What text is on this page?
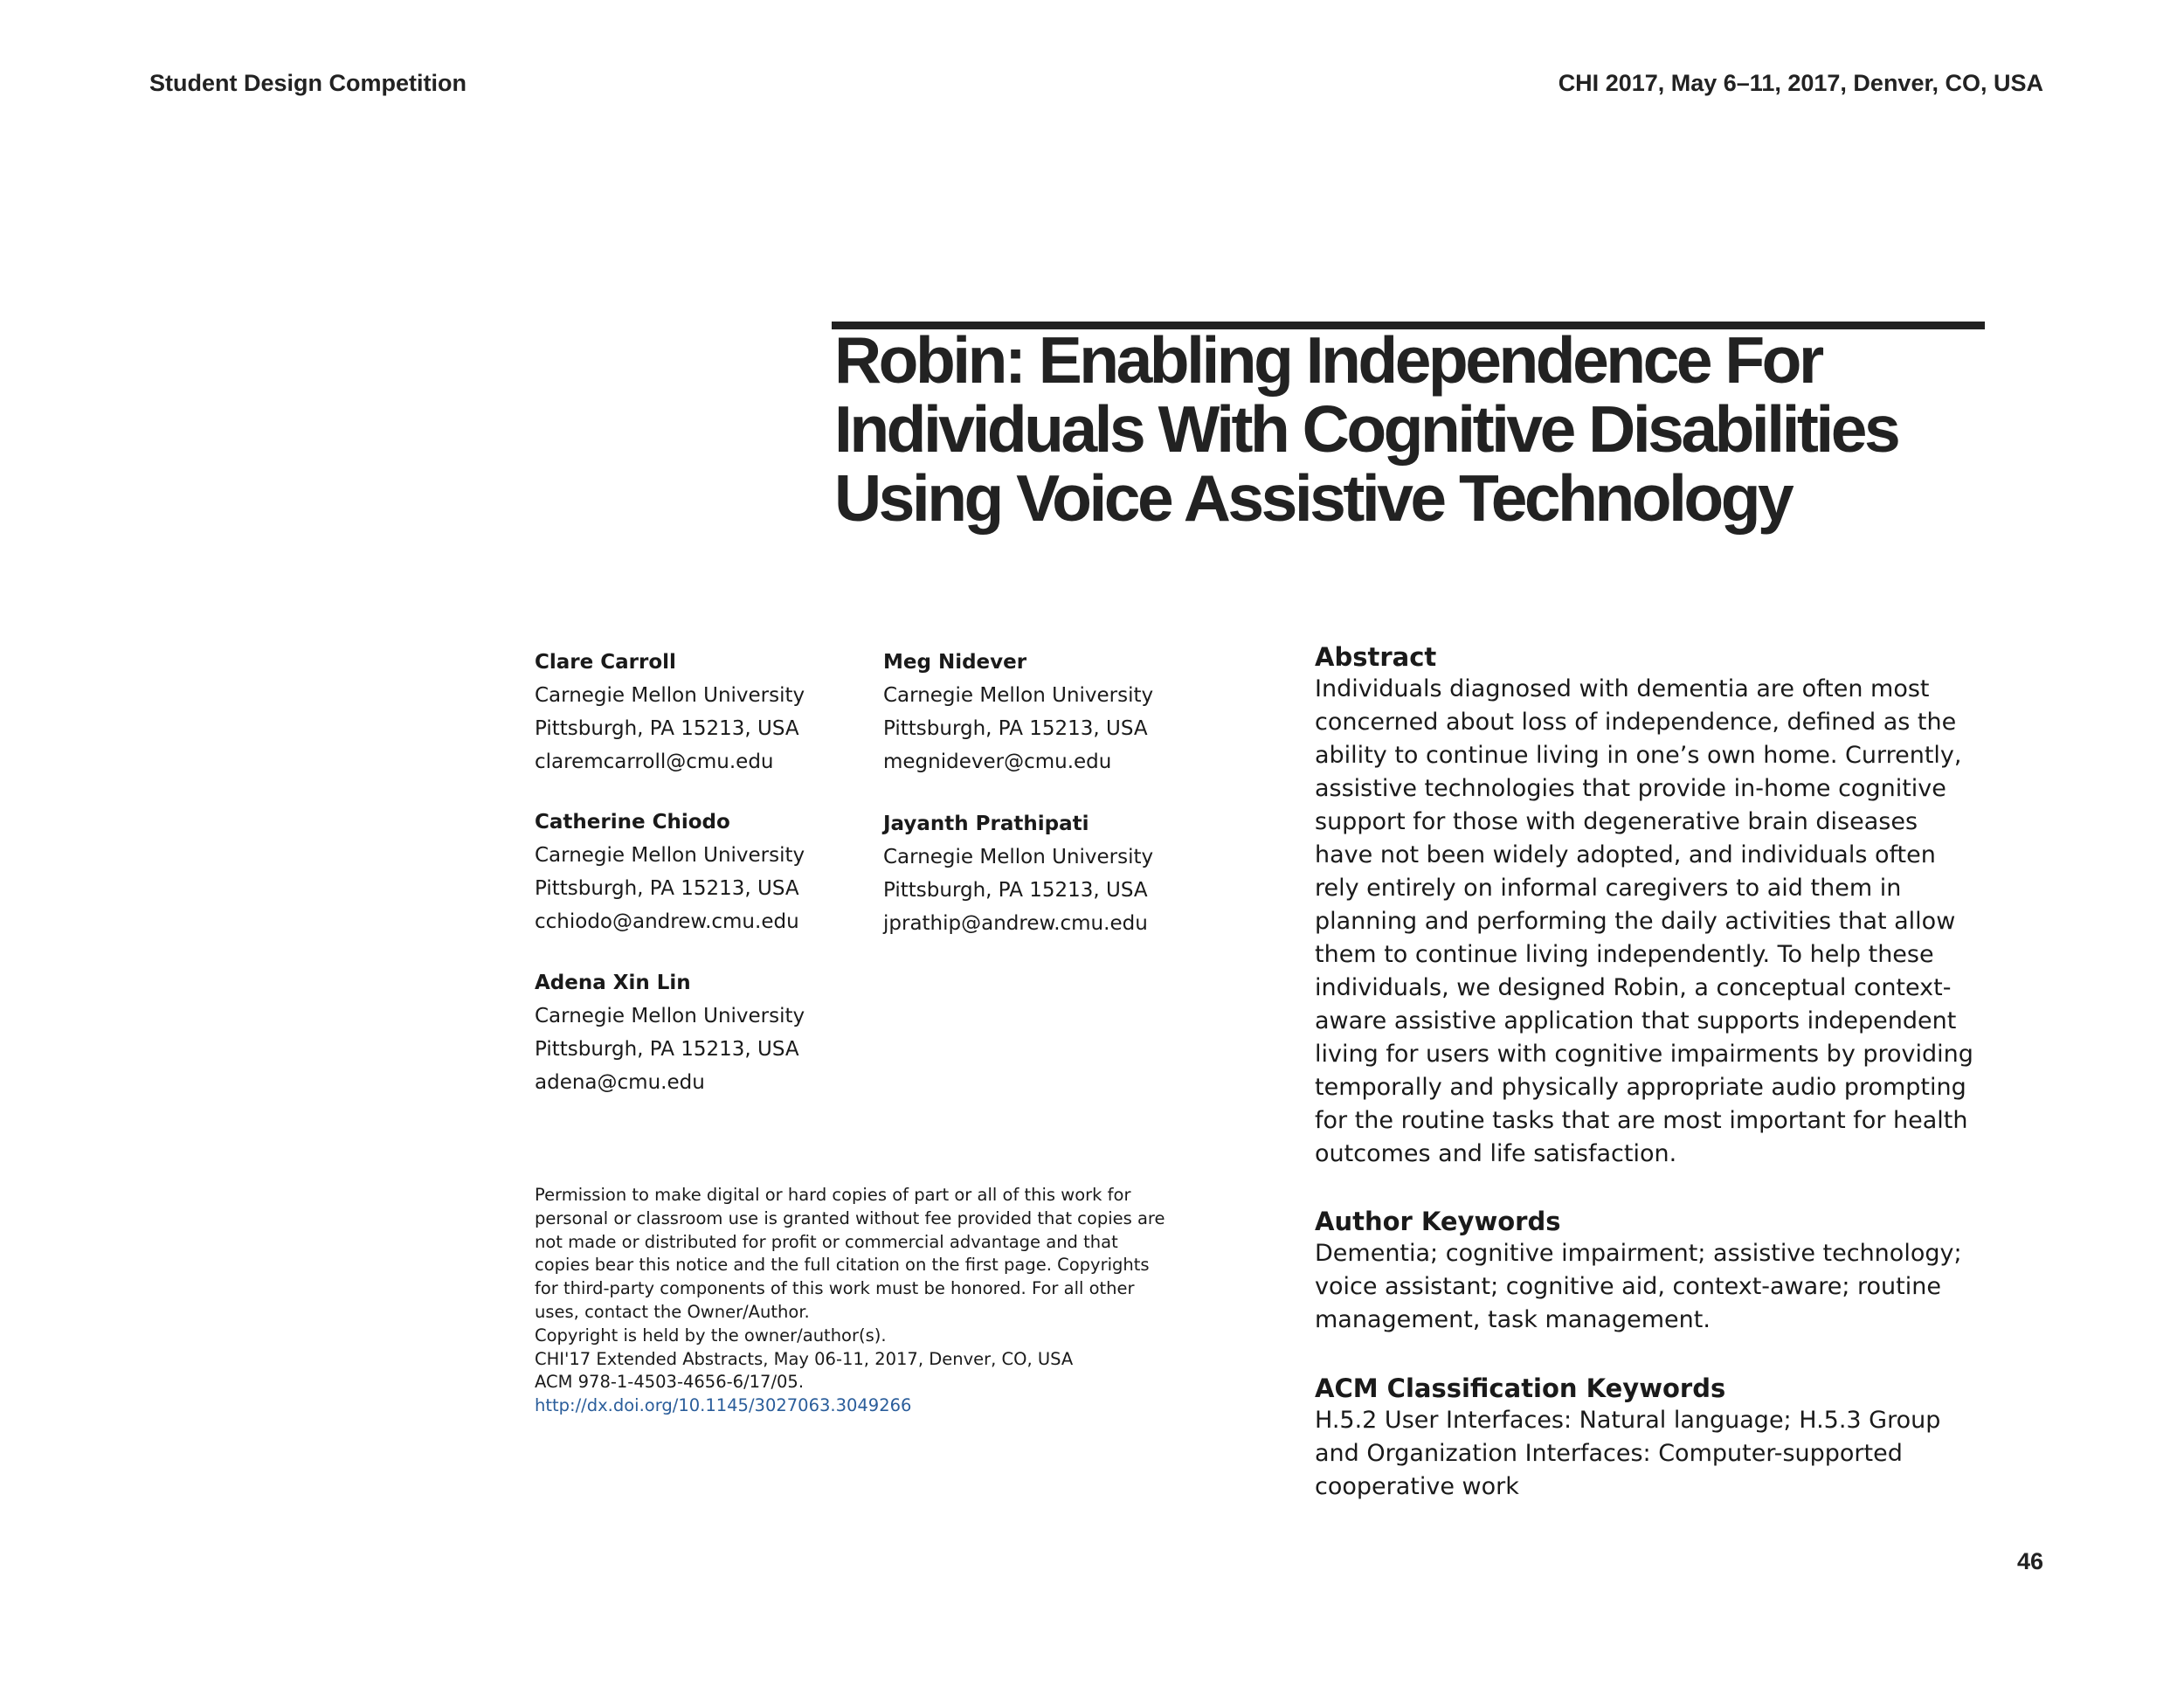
Student Design Competition	CHI 2017, May 6–11, 2017, Denver, CO, USA
Robin: Enabling Independence For
Individuals With Cognitive Disabilities
Using Voice Assistive Technology
Clare Carroll
Carnegie Mellon University
Pittsburgh, PA 15213, USA
claremcarroll@cmu.edu
Meg Nidever
Carnegie Mellon University
Pittsburgh, PA 15213, USA
megnidever@cmu.edu
Catherine Chiodo
Carnegie Mellon University
Pittsburgh, PA 15213, USA
cchiodo@andrew.cmu.edu
Jayanth Prathipati
Carnegie Mellon University
Pittsburgh, PA 15213, USA
jprathip@andrew.cmu.edu
Adena Xin Lin
Carnegie Mellon University
Pittsburgh, PA 15213, USA
adena@cmu.edu
Permission to make digital or hard copies of part or all of this work for
personal or classroom use is granted without fee provided that copies are
not made or distributed for profit or commercial advantage and that
copies bear this notice and the full citation on the first page. Copyrights
for third-party components of this work must be honored. For all other
uses, contact the Owner/Author.
Copyright is held by the owner/author(s).
CHI'17 Extended Abstracts, May 06-11, 2017, Denver, CO, USA
ACM 978-1-4503-4656-6/17/05.
http://dx.doi.org/10.1145/3027063.3049266
Abstract
Individuals diagnosed with dementia are often most
concerned about loss of independence, defined as the
ability to continue living in one’s own home. Currently,
assistive technologies that provide in-home cognitive
support for those with degenerative brain diseases
have not been widely adopted, and individuals often
rely entirely on informal caregivers to aid them in
planning and performing the daily activities that allow
them to continue living independently. To help these
individuals, we designed Robin, a conceptual context-
aware assistive application that supports independent
living for users with cognitive impairments by providing
temporally and physically appropriate audio prompting
for the routine tasks that are most important for health
outcomes and life satisfaction.
Author Keywords
Dementia; cognitive impairment; assistive technology;
voice assistant; cognitive aid, context-aware; routine
management, task management.
ACM Classification Keywords
H.5.2 User Interfaces: Natural language; H.5.3 Group
and Organization Interfaces: Computer-supported
cooperative work
46
